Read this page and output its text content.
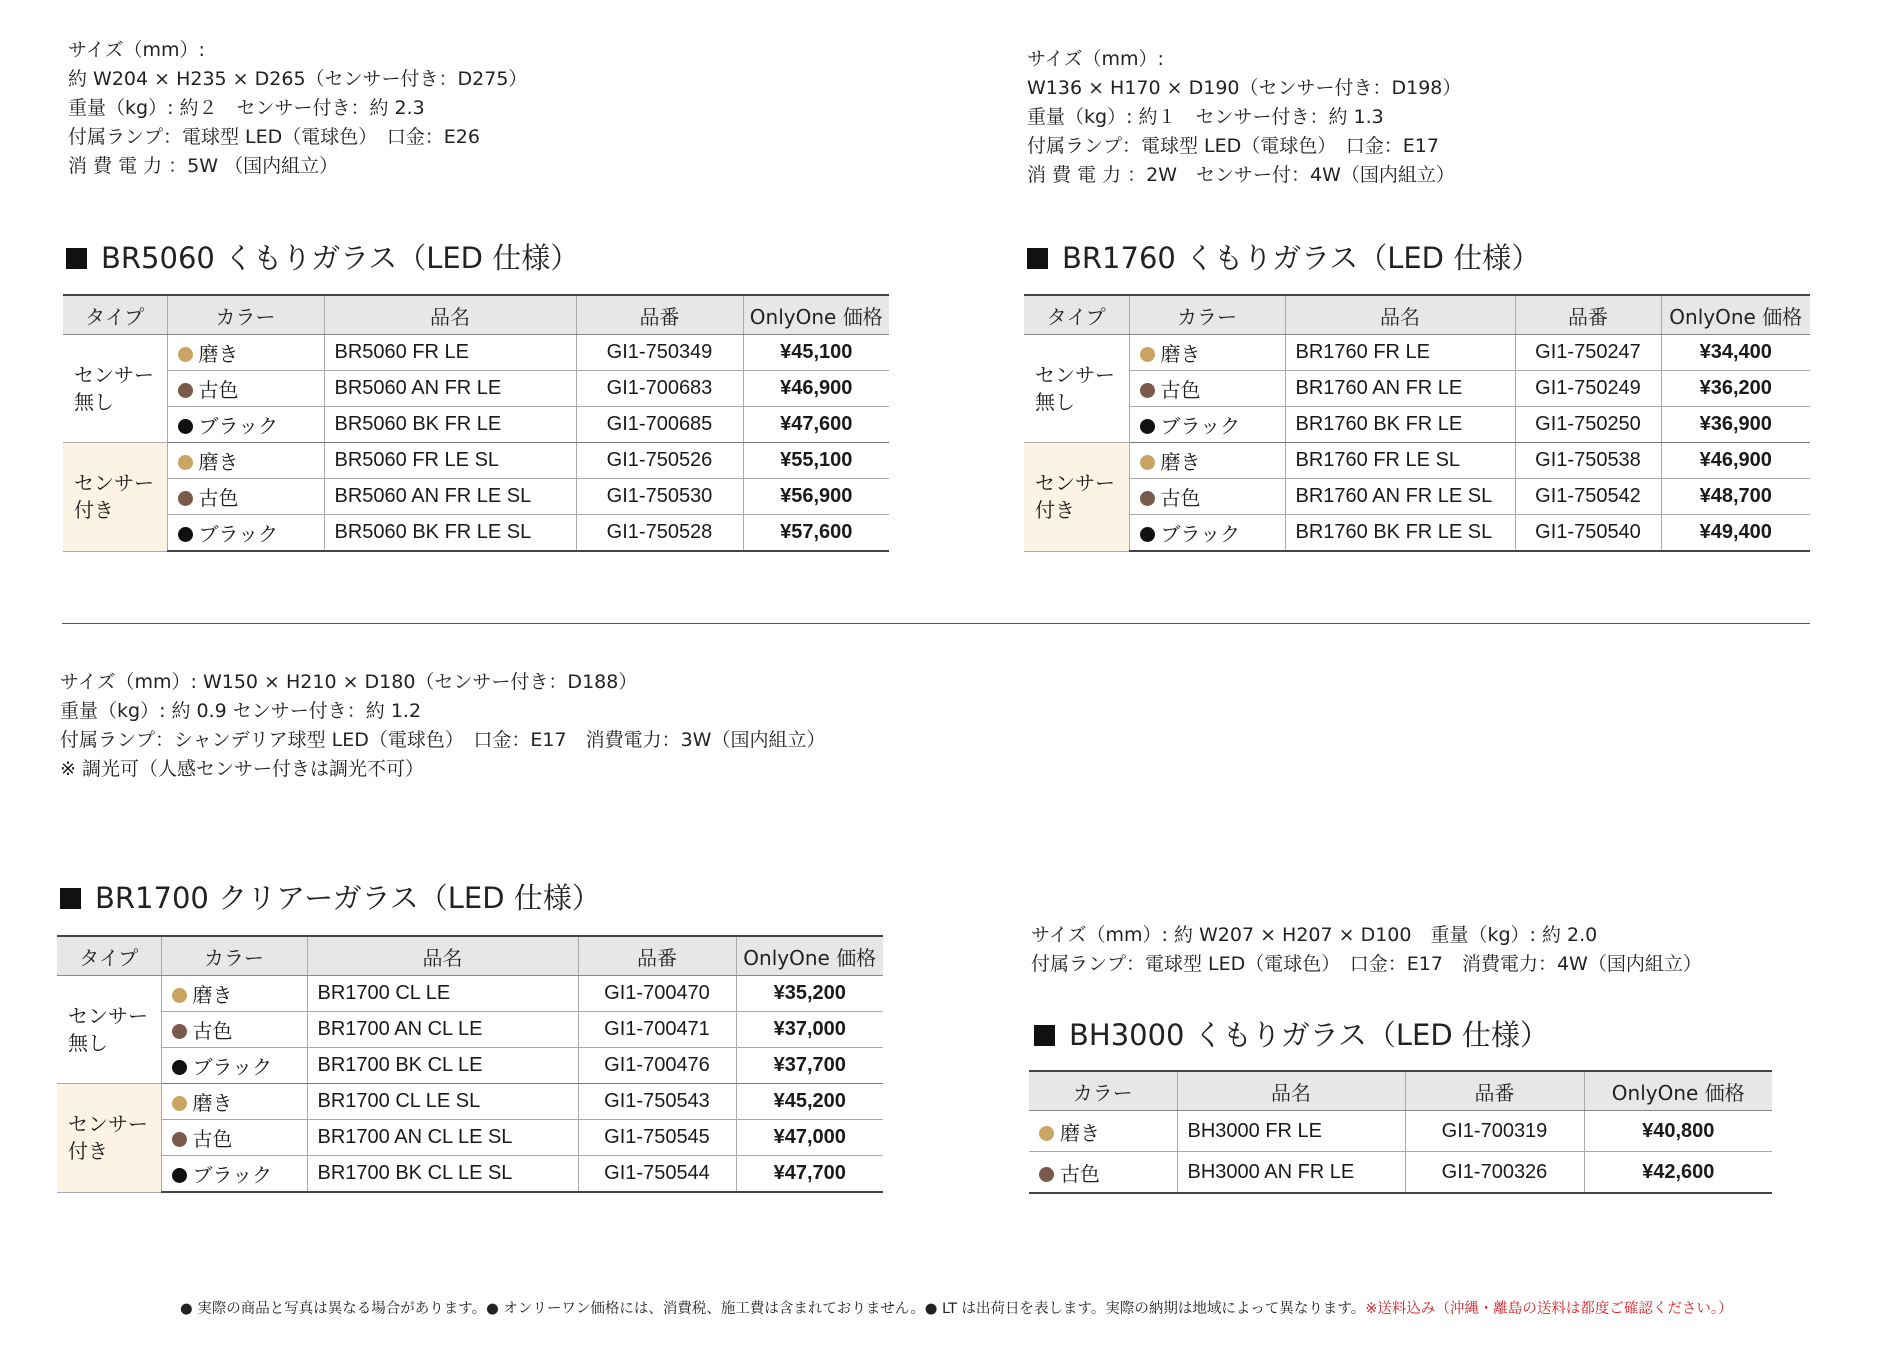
サイズ（mm）:
約 W204 × H235 × D265（センサー付き：D275）
重量（kg）: 約２　センサー付き：約 2.3
付属ランプ：電球型 LED（電球色）　口金：E26
消 費 電 力 ：5W （国内組立）
BR5060 くもりガラス（LED 仕様）
タイプ	カラー	品名	品番	OnlyOne 価格
センサー
無し	磨き	BR5060 FR LE	GI1-750349	¥45,100
	古色	BR5060 AN FR LE	GI1-700683	¥46,900
	ブラック	BR5060 BK FR LE	GI1-700685	¥47,600
センサー
付き	磨き	BR5060 FR LE SL	GI1-750526	¥55,100
	古色	BR5060 AN FR LE SL	GI1-750530	¥56,900
	ブラック	BR5060 BK FR LE SL	GI1-750528	¥57,600
サイズ（mm）:
W136 × H170 × D190（センサー付き：D198）
重量（kg）: 約１　センサー付き：約 1.3
付属ランプ：電球型 LED（電球色）　口金：E17
消 費 電 力 ：2W　センサー付：4W（国内組立）
BR1760 くもりガラス（LED 仕様）
タイプ	カラー	品名	品番	OnlyOne 価格
センサー
無し	磨き	BR1760 FR LE	GI1-750247	¥34,400
	古色	BR1760 AN FR LE	GI1-750249	¥36,200
	ブラック	BR1760 BK FR LE	GI1-750250	¥36,900
センサー
付き	磨き	BR1760 FR LE SL	GI1-750538	¥46,900
	古色	BR1760 AN FR LE SL	GI1-750542	¥48,700
	ブラック	BR1760 BK FR LE SL	GI1-750540	¥49,400
サイズ（mm）: W150 × H210 × D180（センサー付き：D188）
重量（kg）: 約 0.9 センサー付き：約 1.2
付属ランプ：シャンデリア球型 LED（電球色）　口金：E17　消費電力：3W（国内組立）
※ 調光可（人感センサー付きは調光不可）
BR1700 クリアーガラス（LED 仕様）
タイプ	カラー	品名	品番	OnlyOne 価格
センサー
無し	磨き	BR1700 CL LE	GI1-700470	¥35,200
	古色	BR1700 AN CL LE	GI1-700471	¥37,000
	ブラック	BR1700 BK CL LE	GI1-700476	¥37,700
センサー
付き	磨き	BR1700 CL LE SL	GI1-750543	¥45,200
	古色	BR1700 AN CL LE SL	GI1-750545	¥47,000
	ブラック	BR1700 BK CL LE SL	GI1-750544	¥47,700
サイズ（mm）: 約 W207 × H207 × D100　重量（kg）: 約 2.0
付属ランプ：電球型 LED（電球色）　口金：E17　消費電力：4W（国内組立）
BH3000 くもりガラス（LED 仕様）
カラー	品名	品番	OnlyOne 価格
磨き	BH3000 FR LE	GI1-700319	¥40,800
古色	BH3000 AN FR LE	GI1-700326	¥42,600
● 実際の商品と写真は異なる場合があります。● オンリーワン価格には、消費税、施工費は含まれておりません。● LT は出荷日を表します。実際の納期は地域によって異なります。※送料込み（沖縄・離島の送料は都度ご確認ください。）
